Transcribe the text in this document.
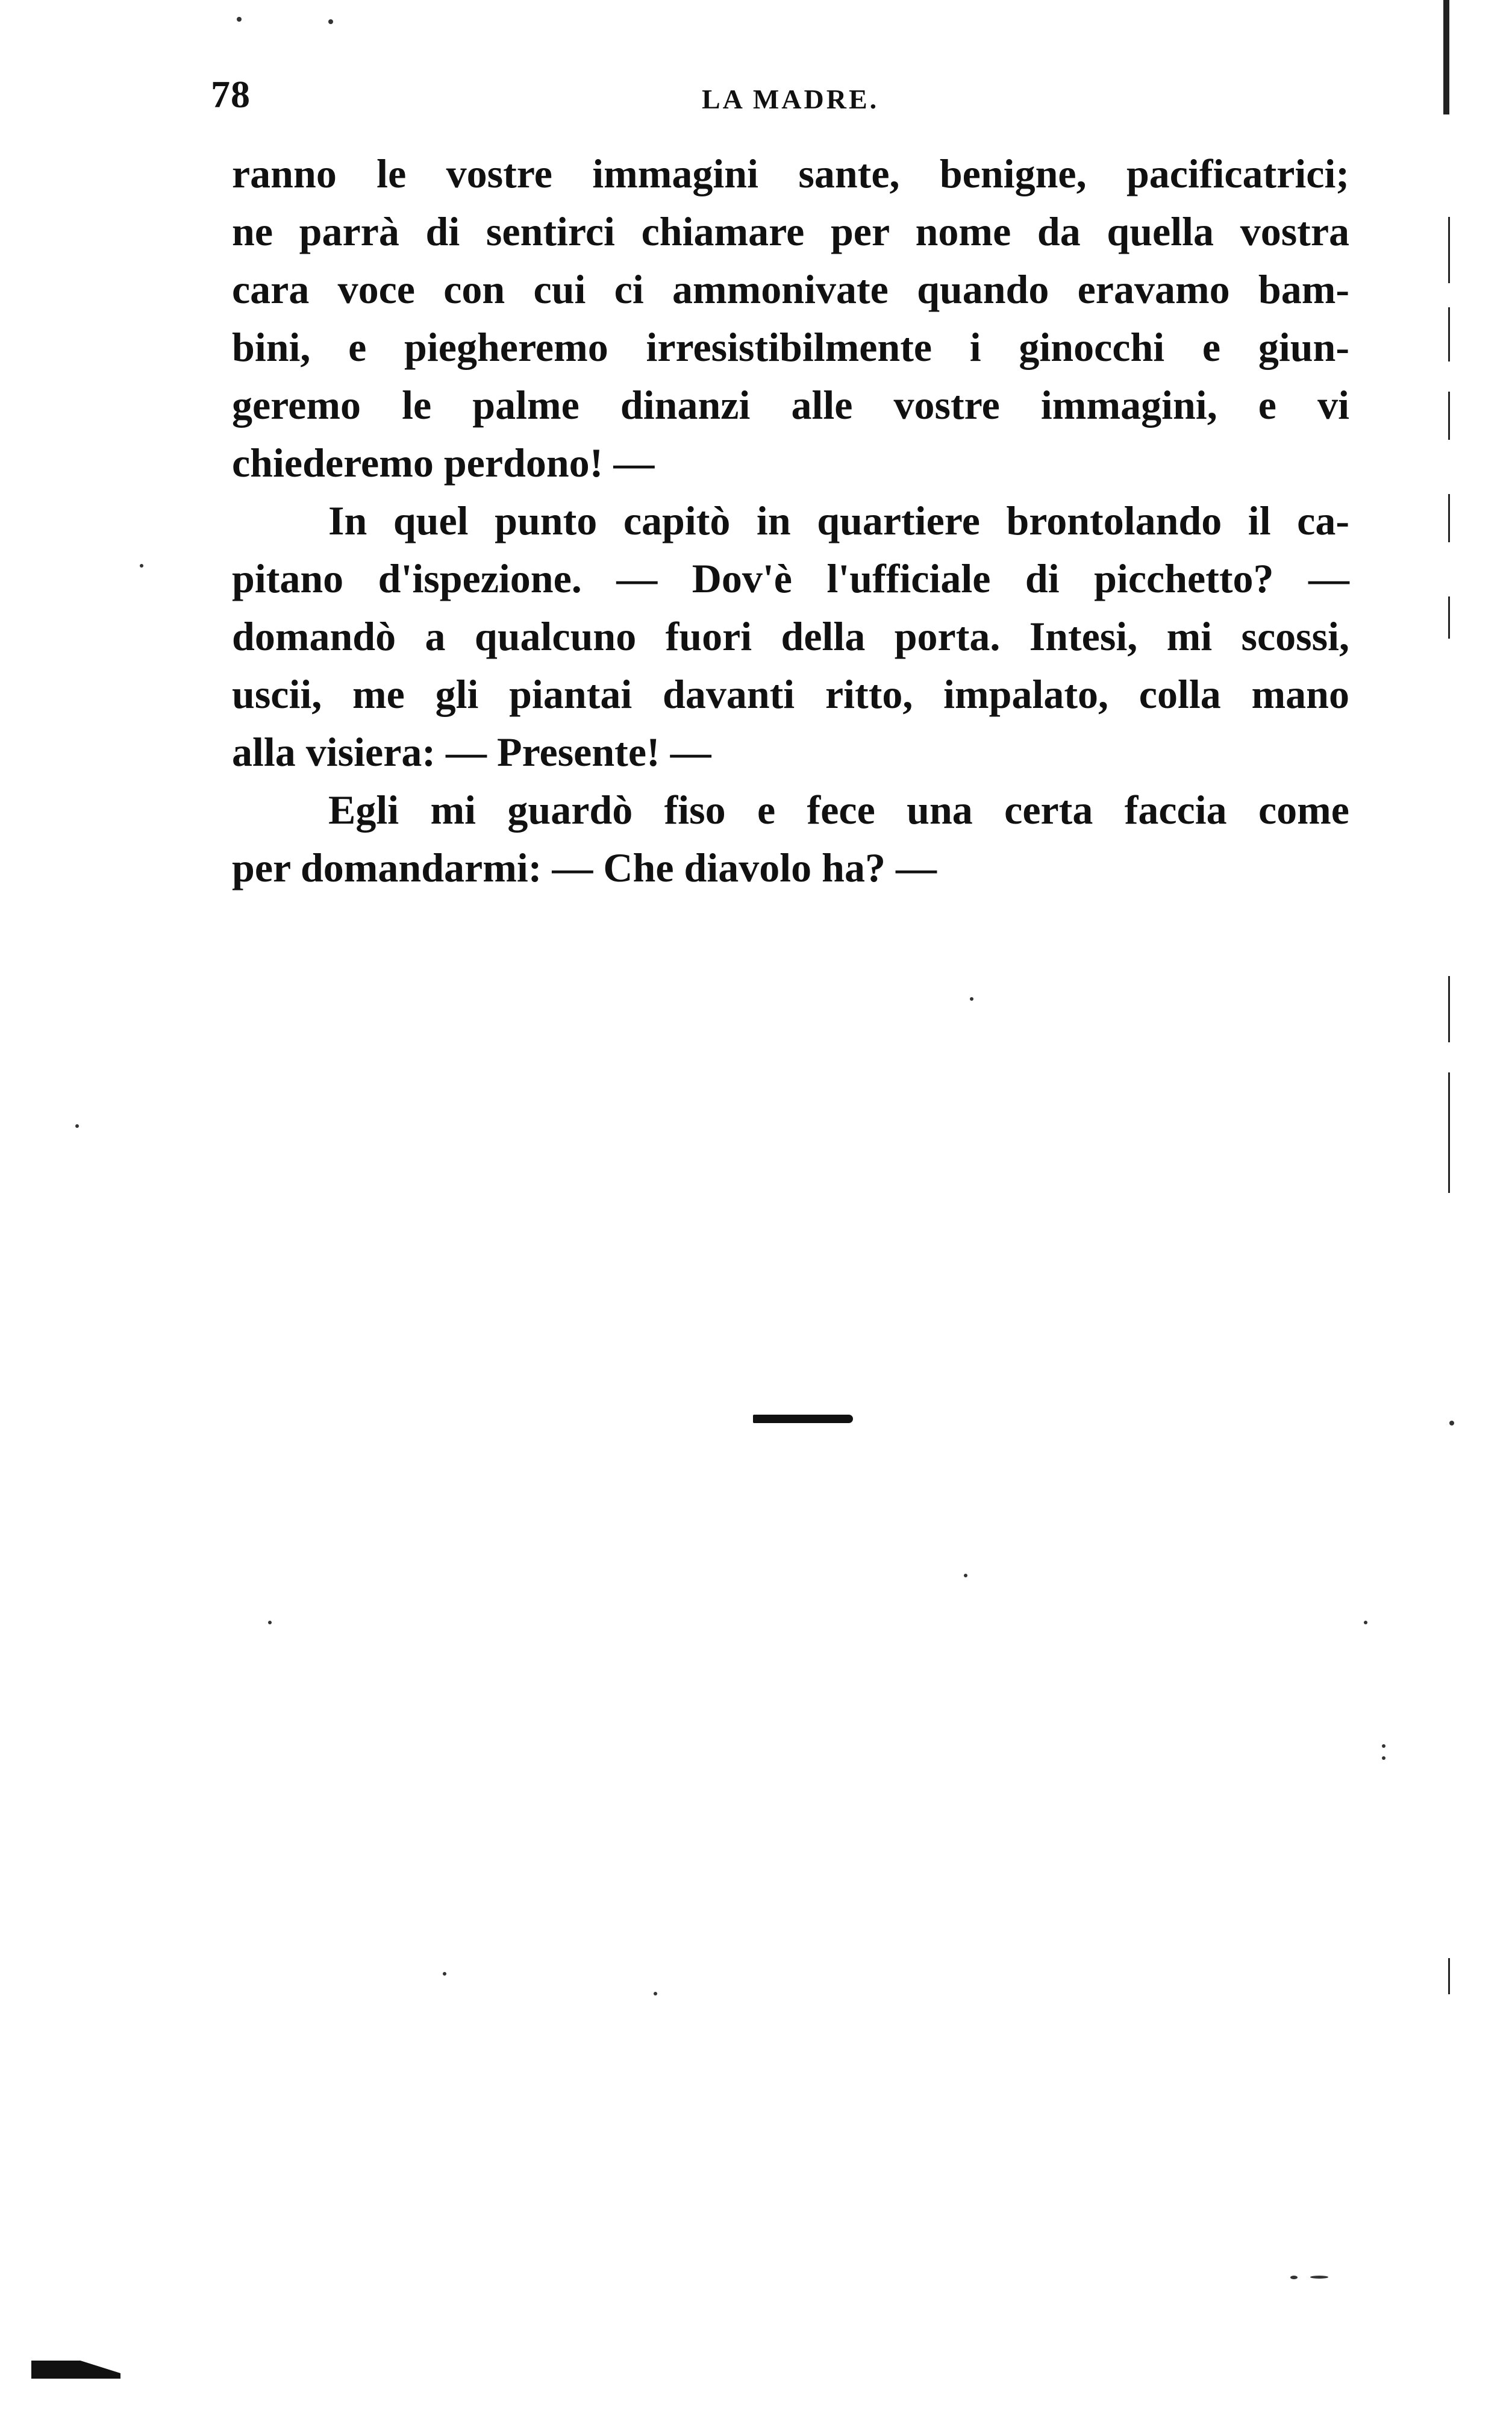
78	LA MADRE.
ranno le vostre immagini sante, benigne, pacificatrici;
ne parrà di sentirci chiamare per nome da quella vostra
cara voce con cui ci ammonivate quando eravamo bam-
bini, e piegheremo irresistibilmente i ginocchi e giun-
geremo le palme dinanzi alle vostre immagini, e vi
chiederemo perdono! —
In quel punto capitò in quartiere brontolando il ca-
pitano d'ispezione. — Dov'è l'ufficiale di picchetto? —
domandò a qualcuno fuori della porta. Intesi, mi scossi,
uscii, me gli piantai davanti ritto, impalato, colla mano
alla visiera: — Presente! —
Egli mi guardò fiso e fece una certa faccia come
per domandarmi: — Che diavolo ha? —
